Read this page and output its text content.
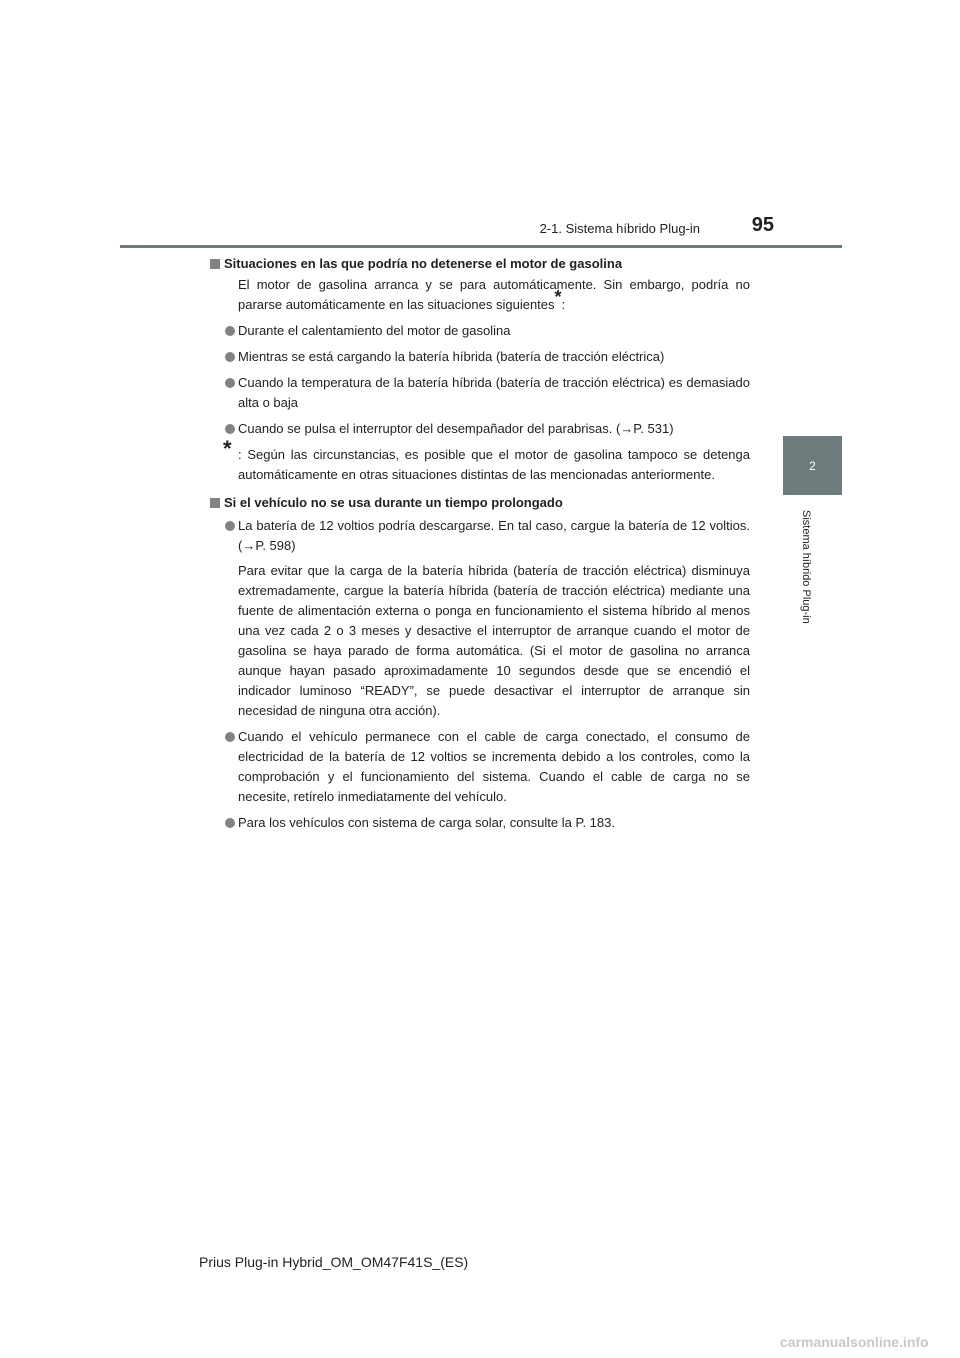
2-1. Sistema híbrido Plug-in	95
2
Sistema híbrido Plug-in
Situaciones en las que podría no detenerse el motor de gasolina
El motor de gasolina arranca y se para automáticamente. Sin embargo, podría no pararse automáticamente en las situaciones siguientes*:
Durante el calentamiento del motor de gasolina
Mientras se está cargando la batería híbrida (batería de tracción eléctrica)
Cuando la temperatura de la batería híbrida (batería de tracción eléctrica) es demasiado alta o baja
Cuando se pulsa el interruptor del desempañador del parabrisas. (→P. 531)
* : Según las circunstancias, es posible que el motor de gasolina tampoco se detenga automáticamente en otras situaciones distintas de las mencionadas anteriormente.
Si el vehículo no se usa durante un tiempo prolongado
La batería de 12 voltios podría descargarse. En tal caso, cargue la batería de 12 voltios. (→P. 598)
Para evitar que la carga de la batería híbrida (batería de tracción eléctrica) disminuya extremadamente, cargue la batería híbrida (batería de tracción eléctrica) mediante una fuente de alimentación externa o ponga en funcionamiento el sistema híbrido al menos una vez cada 2 o 3 meses y desactive el interruptor de arranque cuando el motor de gasolina se haya parado de forma automática. (Si el motor de gasolina no arranca aunque hayan pasado aproximadamente 10 segundos desde que se encendió el indicador luminoso “READY”, se puede desactivar el interruptor de arranque sin necesidad de ninguna otra acción).
Cuando el vehículo permanece con el cable de carga conectado, el consumo de electricidad de la batería de 12 voltios se incrementa debido a los controles, como la comprobación y el funcionamiento del sistema. Cuando el cable de carga no se necesite, retírelo inmediatamente del vehículo.
Para los vehículos con sistema de carga solar, consulte la P. 183.
Prius Plug-in Hybrid_OM_OM47F41S_(ES)
carmanualsonline.info
